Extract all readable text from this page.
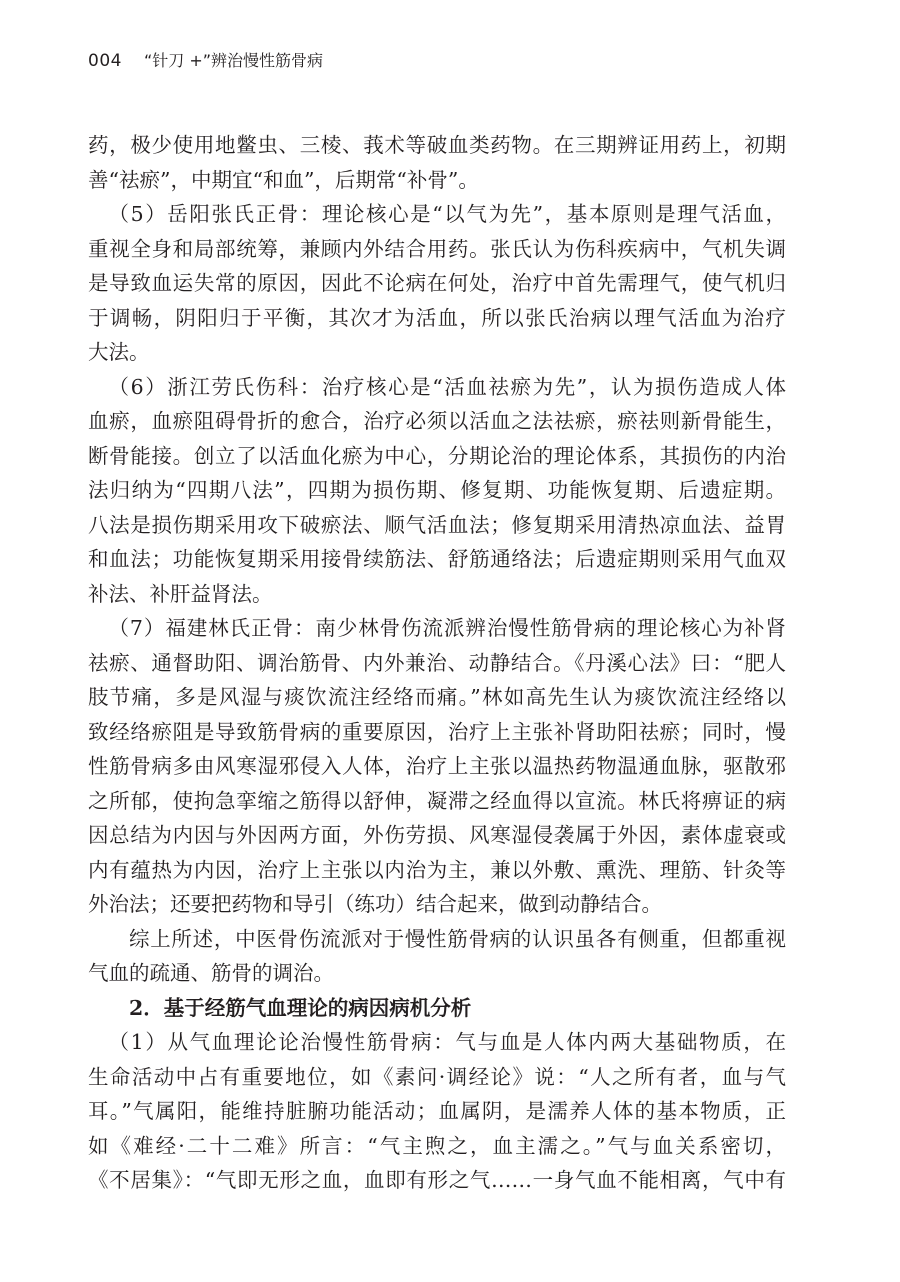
004 “针刀 +”辨治慢性筋骨病
药，极少使用地鳖虫、三棱、莪术等破血类药物。在三期辨证用药上，初期
善“祛瘀”，中期宜“和血”，后期常“补骨”。
（5）岳阳张氏正骨：理论核心是“以气为先”，基本原则是理气活血，
重视全身和局部统筹，兼顾内外结合用药。张氏认为伤科疾病中，气机失调
是导致血运失常的原因，因此不论病在何处，治疗中首先需理气，使气机归
于调畅，阴阳归于平衡，其次才为活血，所以张氏治病以理气活血为治疗
大法。
（6）浙江劳氏伤科：治疗核心是“活血祛瘀为先”，认为损伤造成人体
血瘀，血瘀阻碍骨折的愈合，治疗必须以活血之法祛瘀，瘀祛则新骨能生，
断骨能接。创立了以活血化瘀为中心，分期论治的理论体系，其损伤的内治
法归纳为“四期八法”，四期为损伤期、修复期、功能恢复期、后遗症期。
八法是损伤期采用攻下破瘀法、顺气活血法；修复期采用清热凉血法、益胃
和血法；功能恢复期采用接骨续筋法、舒筋通络法；后遗症期则采用气血双
补法、补肝益肾法。
（7）福建林氏正骨：南少林骨伤流派辨治慢性筋骨病的理论核心为补肾
祛瘀、通督助阳、调治筋骨、内外兼治、动静结合。《丹溪心法》曰：“肥人
肢节痛，多是风湿与痰饮流注经络而痛。”林如高先生认为痰饮流注经络以
致经络瘀阻是导致筋骨病的重要原因，治疗上主张补肾助阳祛瘀；同时，慢
性筋骨病多由风寒湿邪侵入人体，治疗上主张以温热药物温通血脉，驱散邪
之所郁，使拘急挛缩之筋得以舒伸，凝滞之经血得以宣流。林氏将痹证的病
因总结为内因与外因两方面，外伤劳损、风寒湿侵袭属于外因，素体虚衰或
内有蕴热为内因，治疗上主张以内治为主，兼以外敷、熏洗、理筋、针灸等
外治法；还要把药物和导引（练功）结合起来，做到动静结合。
综上所述，中医骨伤流派对于慢性筋骨病的认识虽各有侧重，但都重视
气血的疏通、筋骨的调治。
2．基于经筋气血理论的病因病机分析
（1）从气血理论论治慢性筋骨病：气与血是人体内两大基础物质，在
生命活动中占有重要地位，如《素问·调经论》说：“人之所有者，血与气
耳。”气属阳，能维持脏腑功能活动；血属阴，是濡养人体的基本物质，正
如《难经·二十二难》所言：“气主煦之，血主濡之。”气与血关系密切，
《不居集》：“气即无形之血，血即有形之气……一身气血不能相离，气中有
